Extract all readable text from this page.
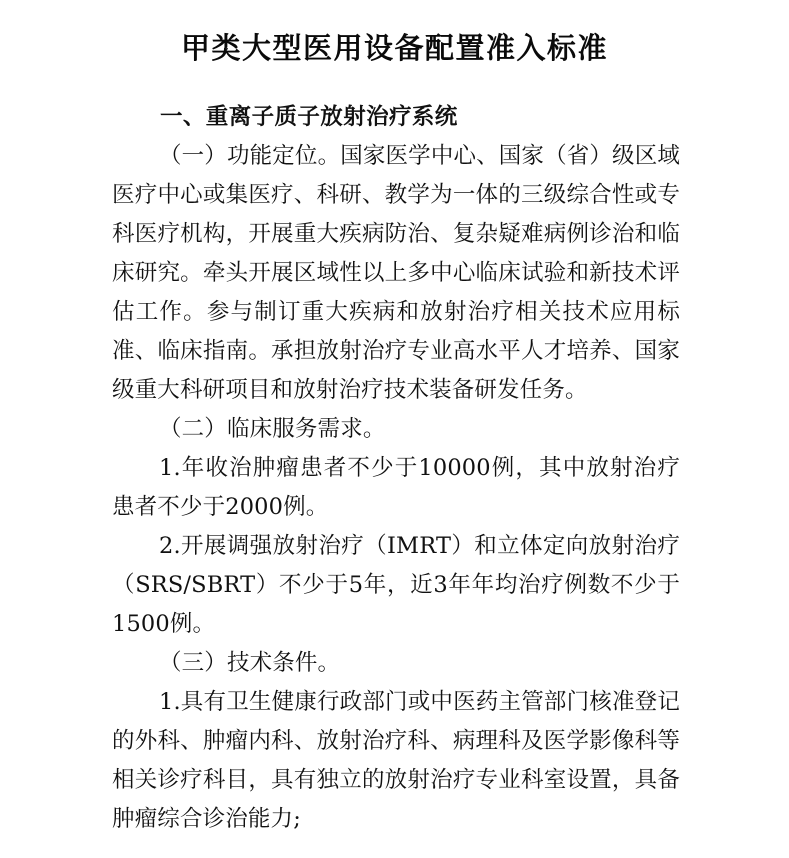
甲类大型医用设备配置准入标准
一、重离子质子放射治疗系统

（一）功能定位。国家医学中心、国家（省）级区域医疗中心或集医疗、科研、教学为一体的三级综合性或专科医疗机构，开展重大疾病防治、复杂疑难病例诊治和临床研究。牵头开展区域性以上多中心临床试验和新技术评估工作。参与制订重大疾病和放射治疗相关技术应用标准、临床指南。承担放射治疗专业高水平人才培养、国家级重大科研项目和放射治疗技术装备研发任务。

（二）临床服务需求。

1.年收治肿瘤患者不少于10000例，其中放射治疗患者不少于2000例。

2.开展调强放射治疗（IMRT）和立体定向放射治疗（SRS/SBRT）不少于5年，近3年年均治疗例数不少于1500例。

（三）技术条件。

1.具有卫生健康行政部门或中医药主管部门核准登记的外科、肿瘤内科、放射治疗科、病理科及医学影像科等相关诊疗科目，具有独立的放射治疗专业科室设置，具备肿瘤综合诊治能力;
